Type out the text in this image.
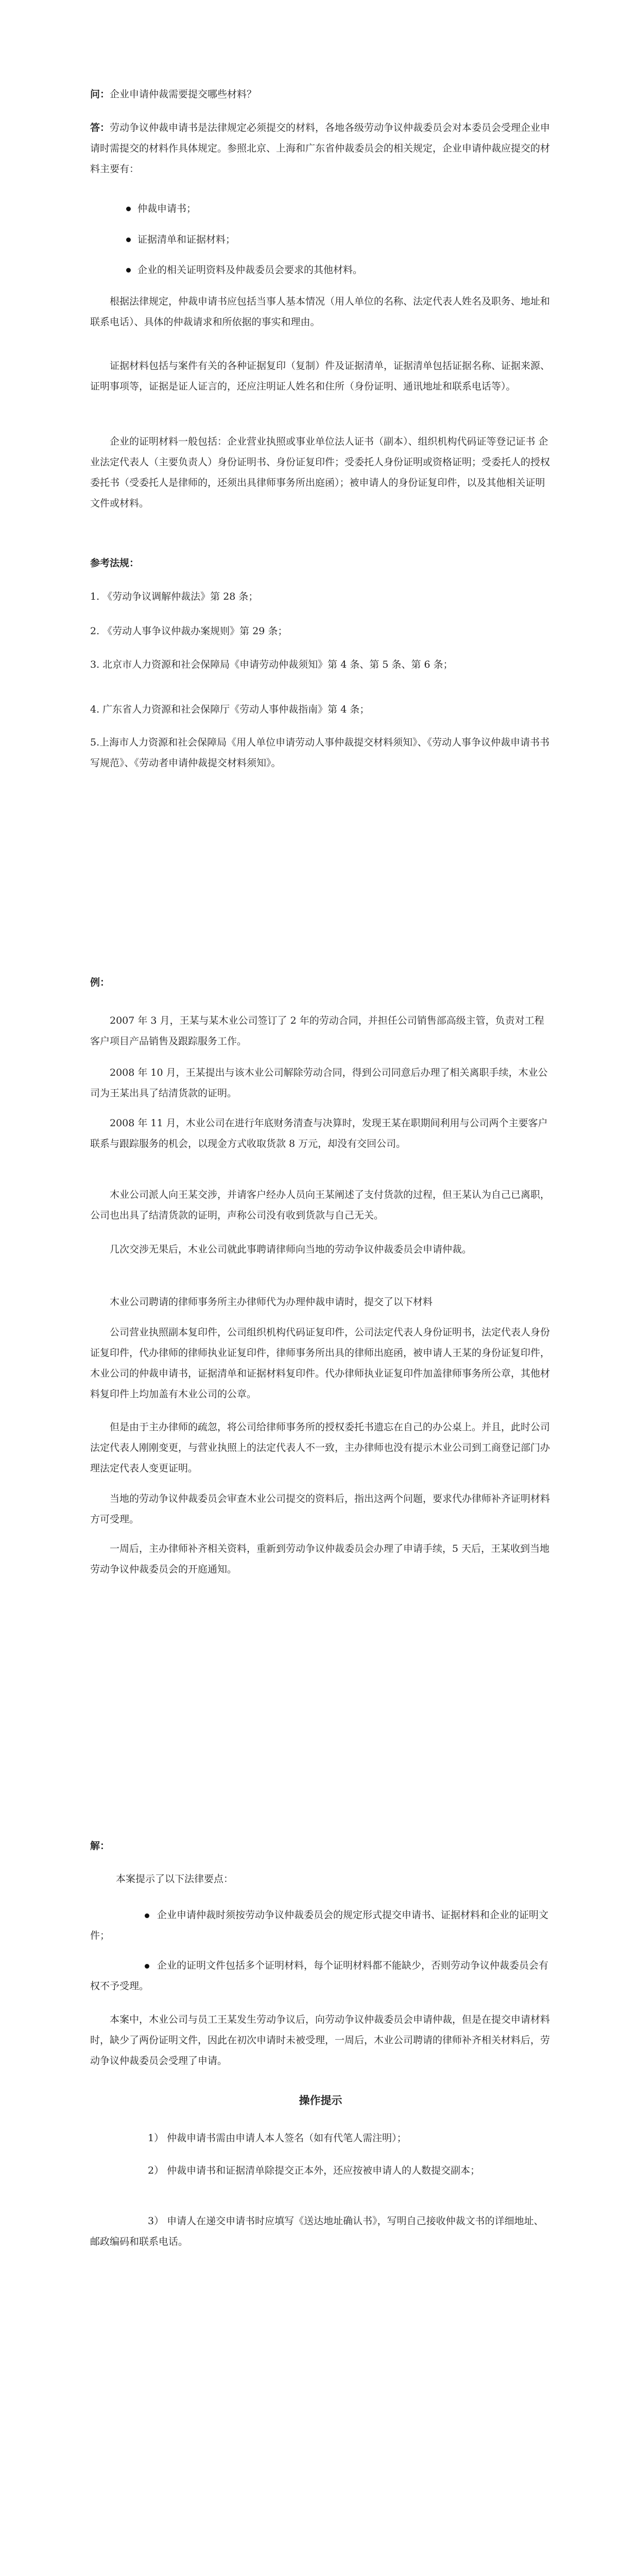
问：企业申请仲裁需要提交哪些材料？

答：劳动争议仲裁申请书是法律规定必须提交的材料，各地各级劳动争议仲裁委员会对本委员会受理企业申请时需提交的材料作具体规定。参照北京、上海和广东省仲裁委员会的相关规定，企业申请仲裁应提交的材料主要有：

仲裁申请书；
证据清单和证据材料；
企业的相关证明资料及仲裁委员会要求的其他材料。

根据法律规定，仲裁申请书应包括当事人基本情况（用人单位的名称、法定代表人姓名及职务、地址和联系电话）、具体的仲裁请求和所依据的事实和理由。

证据材料包括与案件有关的各种证据复印（复制）件及证据清单，证据清单包括证据名称、证据来源、证明事项等，证据是证人证言的，还应注明证人姓名和住所（身份证明、通讯地址和联系电话等）。

企业的证明材料一般包括：企业营业执照或事业单位法人证书（副本）、组织机构代码证等登记证书 企业法定代表人（主要负责人）身份证明书、身份证复印件；受委托人身份证明或资格证明；受委托人的授权委托书（受委托人是律师的，还须出具律师事务所出庭函）；被申请人的身份证复印件，以及其他相关证明文件或材料。

参考法规：

1. 《劳动争议调解仲裁法》第 28 条；
2. 《劳动人事争议仲裁办案规则》第 29 条；
3. 北京市人力资源和社会保障局《申请劳动仲裁须知》第 4 条、第 5 条、第 6 条；
4. 广东省人力资源和社会保障厅《劳动人事仲裁指南》第 4 条；
5.上海市人力资源和社会保障局《用人单位申请劳动人事仲裁提交材料须知》、《劳动人事争议仲裁申请书书写规范》、《劳动者申请仲裁提交材料须知》。

例：

2007 年 3 月，王某与某木业公司签订了 2 年的劳动合同，并担任公司销售部高级主管，负责对工程客户项目产品销售及跟踪服务工作。

2008 年 10 月，王某提出与该木业公司解除劳动合同，得到公司同意后办理了相关离职手续，木业公司为王某出具了结清货款的证明。

2008 年 11 月，木业公司在进行年底财务清查与决算时，发现王某在职期间利用与公司两个主要客户联系与跟踪服务的机会，以现金方式收取货款 8 万元，却没有交回公司。

木业公司派人向王某交涉，并请客户经办人员向王某阐述了支付货款的过程，但王某认为自己已离职，公司也出具了结清货款的证明，声称公司没有收到货款与自己无关。

几次交涉无果后，木业公司就此事聘请律师向当地的劳动争议仲裁委员会申请仲裁。

木业公司聘请的律师事务所主办律师代为办理仲裁申请时，提交了以下材料

公司营业执照副本复印件，公司组织机构代码证复印件，公司法定代表人身份证明书，法定代表人身份证复印件，代办律师的律师执业证复印件，律师事务所出具的律师出庭函，被申请人王某的身份证复印件，木业公司的仲裁申请书，证据清单和证据材料复印件。代办律师执业证复印件加盖律师事务所公章，其他材料复印件上均加盖有木业公司的公章。

但是由于主办律师的疏忽，将公司给律师事务所的授权委托书遗忘在自己的办公桌上。并且，此时公司法定代表人刚刚变更，与营业执照上的法定代表人不一致，主办律师也没有提示木业公司到工商登记部门办理法定代表人变更证明。

当地的劳动争议仲裁委员会审查木业公司提交的资料后，指出这两个问题，要求代办律师补齐证明材料方可受理。

一周后，主办律师补齐相关资料，重新到劳动争议仲裁委员会办理了申请手续，5 天后，王某收到当地劳动争议仲裁委员会的开庭通知。

解：

本案提示了以下法律要点：

企业申请仲裁时须按劳动争议仲裁委员会的规定形式提交申请书、证据材料和企业的证明文件；
企业的证明文件包括多个证明材料，每个证明材料都不能缺少，否则劳动争议仲裁委员会有权不予受理。

本案中，木业公司与员工王某发生劳动争议后，向劳动争议仲裁委员会申请仲裁，但是在提交申请材料时，缺少了两份证明文件，因此在初次申请时未被受理，一周后，木业公司聘请的律师补齐相关材料后，劳动争议仲裁委员会受理了申请。

操作提示

1） 仲裁申请书需由申请人本人签名（如有代笔人需注明）；
2） 仲裁申请书和证据清单除提交正本外，还应按被申请人的人数提交副本；
3） 申请人在递交申请书时应填写《送达地址确认书》，写明自己接收仲裁文书的详细地址、邮政编码和联系电话。
